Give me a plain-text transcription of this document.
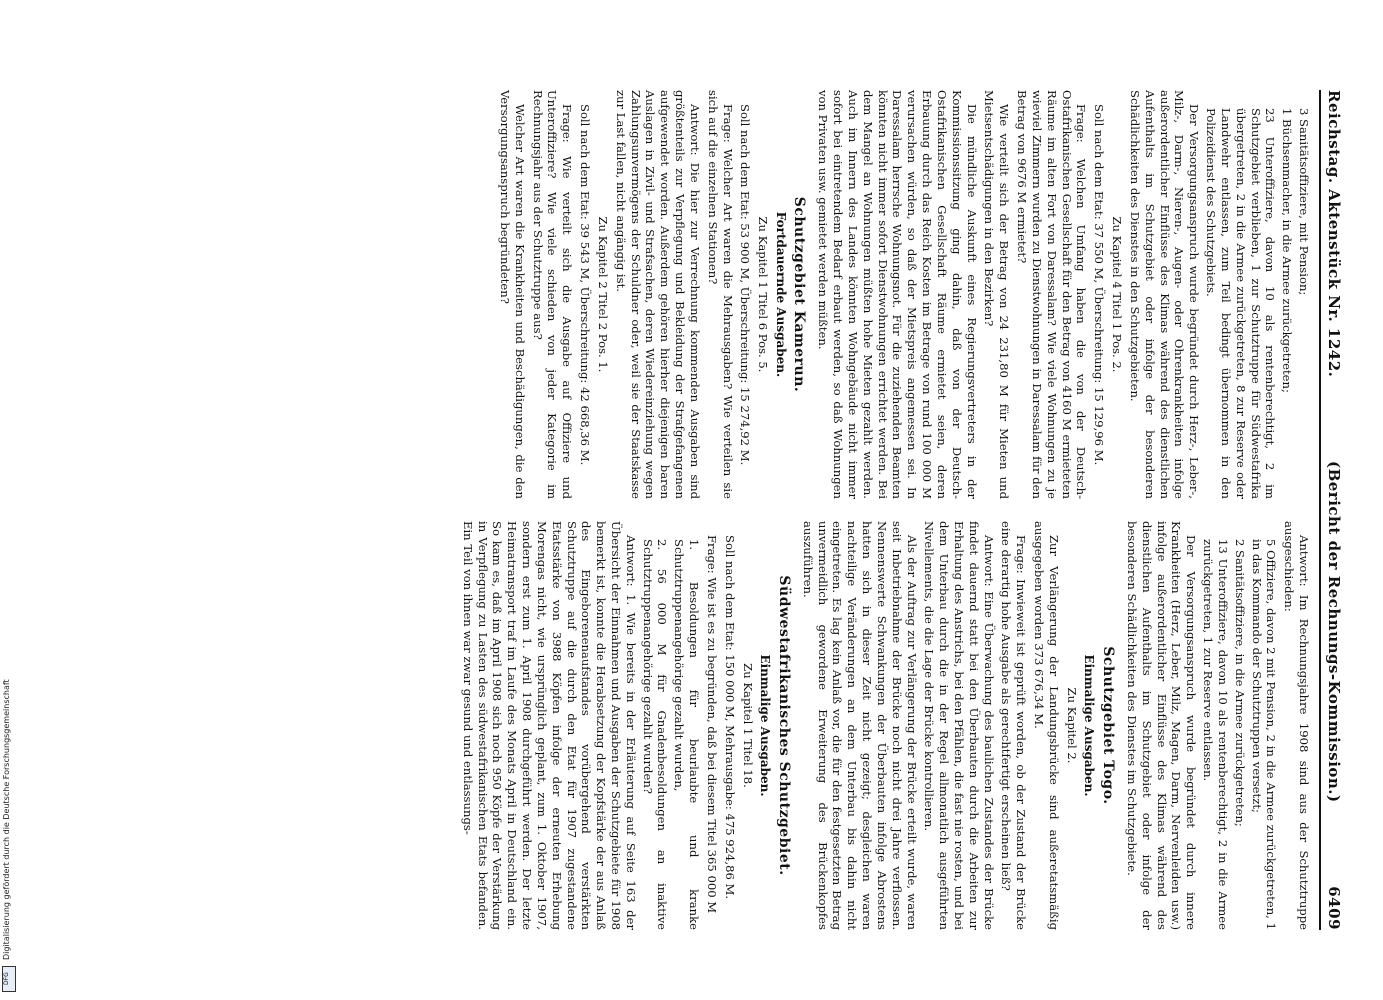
Digitalisierung gefördert durch die Deutsche Forschungsgemeinschaft
DFG
Reichstag. Aktenstück Nr. 1242.
(Bericht der Rechnungs-Kommission.)
6409
3 Sanitätsoffiziere, mit Pension;
1 Büchsenmacher, in die Armee zurückgetreten;
23 Unteroffiziere, davon 10 als rentenberechtigt, 2 im Schutzgebiet verblieben, 1 zur Schutztruppe für Südwestafrika übergetreten, 2 in die Armee zurückgetreten, 8 zur Reserve oder Landwehr entlassen, zum Teil bedingt übernommen in den Polizeidienst des Schutzgebiets.

Der Versorgungsanspruch wurde begründet durch Herz-, Leber-, Milz-, Darm-, Nieren-, Augen- oder Ohrenkrankheiten infolge außerordentlicher Einflüsse des Klimas während des dienstlichen Aufenthalts im Schutzgebiet oder infolge der besonderen Schädlichkeiten des Dienstes in den Schutzgebieten.

Zu Kapitel 4 Titel 1 Pos. 2.

Soll nach dem Etat: 37 550 M, Überschreitung: 15 129,96 M.

Frage: Welchen Umfang haben die von der Deutsch-Ostafrikanischen Gesellschaft für den Betrag von 4160 M ermieteten Räume im alten Fort von Daressalam? Wie viele Wohnungen zu je wieviel Zimmern wurden zu Dienstwohnungen in Daressalam für den Betrag von 9676 M ermietet?

Wie verteilt sich der Betrag von 24 231,80 M für Mieten und Mietsentschädigungen in den Bezirken?

Die mündliche Auskunft eines Regierungsvertreters in der Kommissionssitzung ging dahin, daß von der Deutsch-Ostafrikanischen Gesellschaft Räume ermietet seien, deren Erbauung durch das Reich Kosten im Betrage von rund 100 000 M verursachen würden, so daß der Mietspreis angemessen sei. In Daressalam herrsche Wohnungsnot. Für die zuziehenden Beamten könnten nicht immer sofort Dienstwohnungen errichtet werden. Bei dem Mangel an Wohnungen müßten hohe Mieten gezahlt werden. Auch im Innern des Landes könnten Wohngebäude nicht immer sofort bei eintretendem Bedarf erbaut werden, so daß Wohnungen von Privaten usw. gemietet werden müßten.

Schutzgebiet Kamerun.
Fortdauernde Ausgaben.
Zu Kapitel 1 Titel 6 Pos. 5.

Soll nach dem Etat: 53 900 M, Überschreitung: 15 274,92 M.

Frage: Welcher Art waren die Mehrausgaben? Wie verteilen sie sich auf die einzelnen Stationen?

Antwort: Die hier zur Verrechnung kommenden Ausgaben sind größtenteils zur Verpflegung und Bekleidung der Strafgefangenen aufgewendet worden. Außerdem gehören hierher diejenigen baren Auslagen in Zivil- und Strafsachen, deren Wiedereinziehung wegen Zahlungsunvermögens der Schuldner oder, weil sie der Staatskasse zur Last fallen, nicht angängig ist.

Zu Kapitel 2 Titel 2 Pos. 1.

Soll nach dem Etat: 39 543 M, Überschreitung: 42 668,36 M.

Frage: Wie verteilt sich die Ausgabe auf Offiziere und Unteroffiziere? Wie viele schieden von jeder Kategorie im Rechnungsjahr aus der Schutztruppe aus?

Welcher Art waren die Krankheiten und Beschädigungen, die den Versorgungsanspruch begründeten?

Antwort: Im Rechnungsjahre 1908 sind aus der Schutztruppe ausgeschieden:

5 Offiziere, davon 2 mit Pension, 2 in die Armee zurückgetreten, 1 in das Kommando der Schutztruppen versetzt;
2 Sanitätsoffiziere, in die Armee zurückgetreten;
13 Unteroffiziere, davon 10 als rentenberechtigt, 2 in die Armee zurückgetreten, 1 zur Reserve entlassen.

Der Versorgungsanspruch wurde begründet durch innere Krankheiten (Herz, Leber, Milz, Magen, Darm, Nervenleiden usw.) infolge außerordentlicher Einflüsse des Klimas während des dienstlichen Aufenthalts im Schutzgebiet oder infolge der besonderen Schädlichkeiten des Dienstes im Schutzgebiete.

Schutzgebiet Togo.
Einmalige Ausgaben.
Zu Kapitel 2.

Zur Verlängerung der Landungsbrücke sind außeretatsmäßig ausgegeben worden 373 676,34 M.

Frage: Inwieweit ist geprüft worden, ob der Zustand der Brücke eine derartig hohe Ausgabe als gerechtfertigt erscheinen ließ?

Antwort: Eine Überwachung des baulichen Zustandes der Brücke findet dauernd statt bei den Überbauten durch die Arbeiten zur Erhaltung des Anstrichs, bei den Pfählen, die fast nie rosten, und bei dem Unterbau durch die in der Regel allmonatlich ausgeführten Nivellements, die die Lage der Brücke kontrollieren.

Als der Auftrag zur Verlängerung der Brücke erteilt wurde, waren seit Inbetriebnahme der Brücke noch nicht drei Jahre verflossen. Nennenswerte Schwankungen der Überbauten infolge Abrostens hatten sich in dieser Zeit nicht gezeigt; desgleichen waren nachteilige Veränderungen an dem Unterbau bis dahin nicht eingetreten. Es lag kein Anlaß vor, die für den festgesetzten Betrag unvermeidlich gewordene Erweiterung des Brückenkopfes auszuführen.

Südwestafrikanisches Schutzgebiet.
Einmalige Ausgaben.
Zu Kapitel 1 Titel 18.

Soll nach dem Etat: 150 000 M, Mehrausgabe: 475 924,86 M.

Frage: Wie ist es zu begründen, daß bei diesem Titel 365 000 M

1. Besoldungen für beurlaubte und kranke Schutztruppenangehörige gezahlt wurden,
2. 56 000 M für Gnadenbesoldungen an inaktive Schutztruppenangehörige gezahlt wurden?

Antwort: 1. Wie bereits in der Erläuterung auf Seite 163 der Übersicht der Einnahmen und Ausgaben der Schutzgebiete für 1908 bemerkt ist, konnte die Herabsetzung der Kopfstärke der aus Anlaß des Eingeborenenaufstandes vorübergehend verstärkten Schutztruppe auf die durch den Etat für 1907 zugestandene Etatsstärke von 3988 Köpfen infolge der erneuten Erhebung Morengas nicht, wie ursprünglich geplant, zum 1. Oktober 1907, sondern erst zum 1. April 1908 durchgeführt werden. Der letzte Heimatransport traf im Laufe des Monats April in Deutschland ein. So kam es, daß im April 1908 sich noch 950 Köpfe der Verstärkung in Verpflegung zu Lasten des südwestafrikanischen Etats befanden. Ein Teil von ihnen war zwar gesund und entlassungs-
